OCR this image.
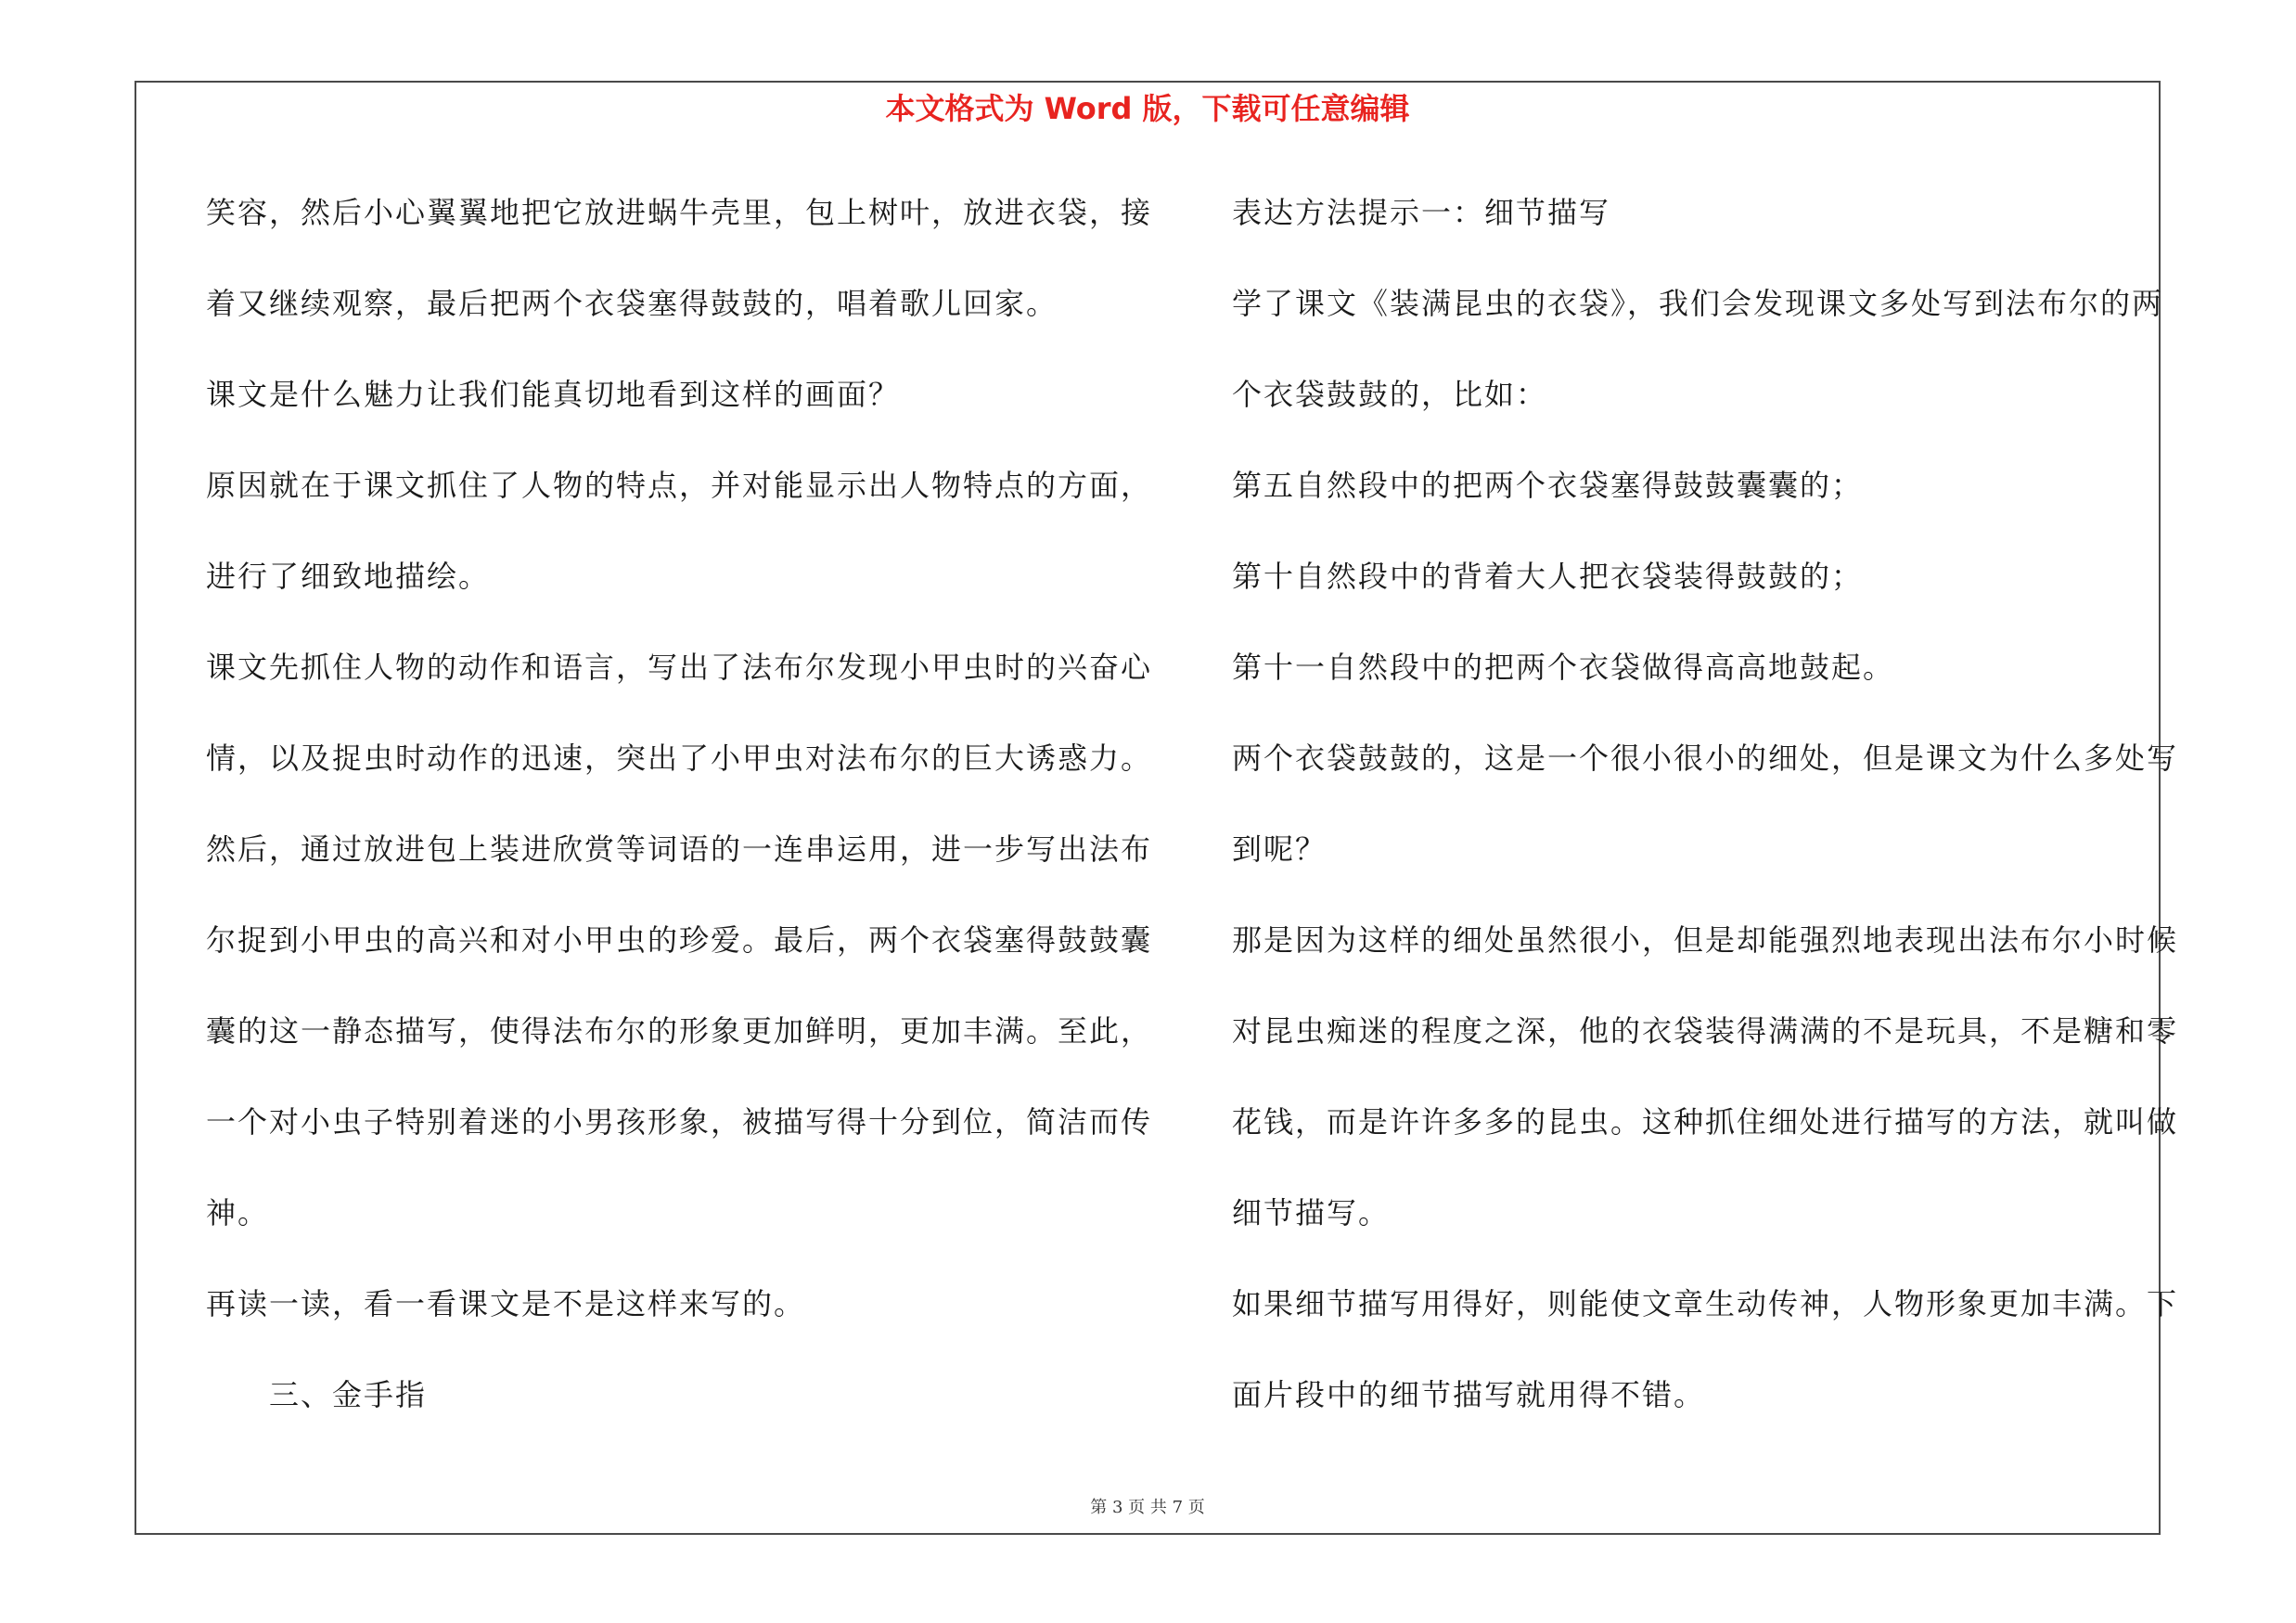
本文格式为 Word 版，下载可任意编辑
笑容，然后小心翼翼地把它放进蜗牛壳里，包上树叶，放进衣袋，接
着又继续观察，最后把两个衣袋塞得鼓鼓的，唱着歌儿回家。
课文是什么魅力让我们能真切地看到这样的画面？
原因就在于课文抓住了人物的特点，并对能显示出人物特点的方面，
进行了细致地描绘。
课文先抓住人物的动作和语言，写出了法布尔发现小甲虫时的兴奋心
情，以及捉虫时动作的迅速，突出了小甲虫对法布尔的巨大诱惑力。
然后，通过放进包上装进欣赏等词语的一连串运用，进一步写出法布
尔捉到小甲虫的高兴和对小甲虫的珍爱。最后，两个衣袋塞得鼓鼓囊
囊的这一静态描写，使得法布尔的形象更加鲜明，更加丰满。至此，
一个对小虫子特别着迷的小男孩形象，被描写得十分到位，简洁而传
神。
再读一读，看一看课文是不是这样来写的。
三、金手指
表达方法提示一：细节描写
学了课文《装满昆虫的衣袋》，我们会发现课文多处写到法布尔的两
个衣袋鼓鼓的，比如：
第五自然段中的把两个衣袋塞得鼓鼓囊囊的；
第十自然段中的背着大人把衣袋装得鼓鼓的；
第十一自然段中的把两个衣袋做得高高地鼓起。
两个衣袋鼓鼓的，这是一个很小很小的细处，但是课文为什么多处写
到呢？
那是因为这样的细处虽然很小，但是却能强烈地表现出法布尔小时候
对昆虫痴迷的程度之深，他的衣袋装得满满的不是玩具，不是糖和零
花钱，而是许许多多的昆虫。这种抓住细处进行描写的方法，就叫做
细节描写。
如果细节描写用得好，则能使文章生动传神，人物形象更加丰满。下
面片段中的细节描写就用得不错。
第 3 页 共 7 页
